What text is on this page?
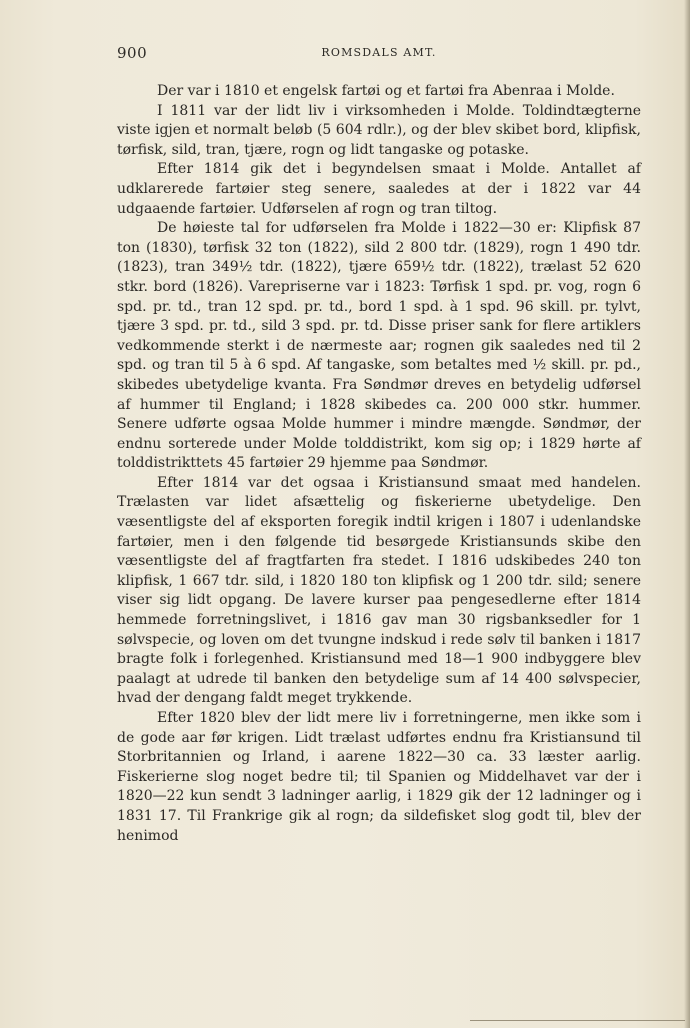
900	ROMSDALS AMT.

Der var i 1810 et engelsk fartøi og et fartøi fra Abenraa i Molde.

I 1811 var der lidt liv i virksomheden i Molde. Toldindtægterne viste igjen et normalt beløb (5 604 rdlr.), og der blev skibet bord, klipfisk, tørfisk, sild, tran, tjære, rogn og lidt tangaske og potaske.

Efter 1814 gik det i begyndelsen smaat i Molde. Antallet af udklarerede fartøier steg senere, saaledes at der i 1822 var 44 udgaaende fartøier. Udførselen af rogn og tran tiltog.

De høieste tal for udførselen fra Molde i 1822—30 er: Klipfisk 87 ton (1830), tørfisk 32 ton (1822), sild 2 800 tdr. (1829), rogn 1 490 tdr. (1823), tran 349½ tdr. (1822), tjære 659½ tdr. (1822), trælast 52 620 stkr. bord (1826). Varepriserne var i 1823: Tørfisk 1 spd. pr. vog, rogn 6 spd. pr. td., tran 12 spd. pr. td., bord 1 spd. à 1 spd. 96 skill. pr. tylvt, tjære 3 spd. pr. td., sild 3 spd. pr. td. Disse priser sank for flere artiklers vedkommende sterkt i de nærmeste aar; rognen gik saaledes ned til 2 spd. og tran til 5 à 6 spd. Af tangaske, som betaltes med ½ skill. pr. pd., skibedes ubetydelige kvanta. Fra Søndmør dreves en betydelig udførsel af hummer til England; i 1828 skibedes ca. 200 000 stkr. hummer. Senere udførte ogsaa Molde hummer i mindre mængde. Søndmør, der endnu sorterede under Molde tolddistrikt, kom sig op; i 1829 hørte af tolddistrikttets 45 fartøier 29 hjemme paa Søndmør.

Efter 1814 var det ogsaa i Kristiansund smaat med handelen. Trælasten var lidet afsættelig og fiskerierne ubetydelige. Den væsentligste del af eksporten foregik indtil krigen i 1807 i udenlandske fartøier, men i den følgende tid besørgede Kristiansunds skibe den væsentligste del af fragtfarten fra stedet. I 1816 udskibedes 240 ton klipfisk, 1 667 tdr. sild, i 1820 180 ton klipfisk og 1 200 tdr. sild; senere viser sig lidt opgang. De lavere kurser paa pengesedlerne efter 1814 hemmede forretningslivet, i 1816 gav man 30 rigsbanksedler for 1 sølvspecie, og loven om det tvungne indskud i rede sølv til banken i 1817 bragte folk i forlegenhed. Kristiansund med 18—1 900 indbyggere blev paalagt at udrede til banken den betydelige sum af 14 400 sølvspecier, hvad der dengang faldt meget trykkende.

Efter 1820 blev der lidt mere liv i forretningerne, men ikke som i de gode aar før krigen. Lidt trælast udførtes endnu fra Kristiansund til Storbritannien og Irland, i aarene 1822—30 ca. 33 læster aarlig. Fiskerierne slog noget bedre til; til Spanien og Middelhavet var der i 1820—22 kun sendt 3 ladninger aarlig, i 1829 gik der 12 ladninger og i 1831 17. Til Frankrige gik al rogn; da sildefisket slog godt til, blev der henimod
